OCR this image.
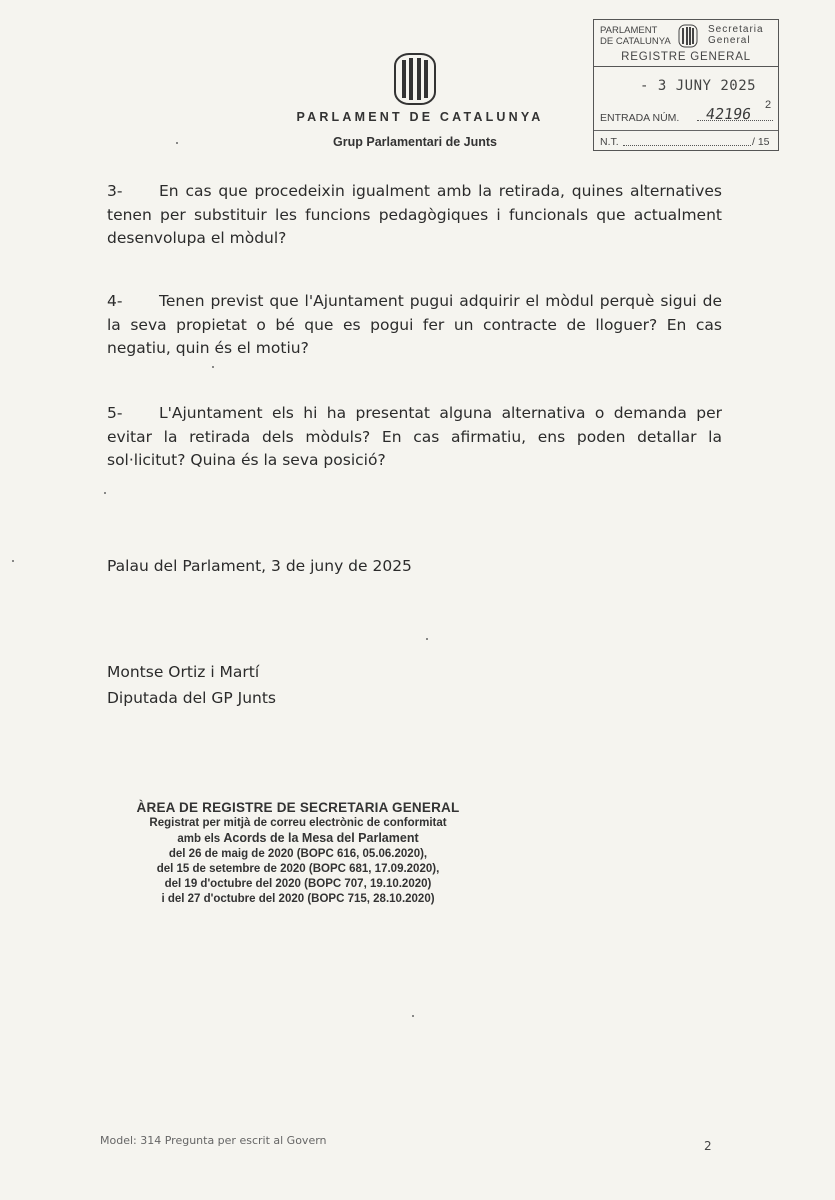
PARLAMENT DE CATALUNYA
Grup Parlamentari de Junts
PARLAMENT
DE CATALUNYA
Secretaria
General
REGISTRE GENERAL
- 3 JUNY 2025
ENTRADA NÚM. 42196 2
N.T.	/ 15
3- En cas que procedeixin igualment amb la retirada, quines alternatives tenen per substituir les funcions pedagògiques i funcionals que actualment desenvolupa el mòdul?
4- Tenen previst que l'Ajuntament pugui adquirir el mòdul perquè sigui de la seva propietat o bé que es pogui fer un contracte de lloguer? En cas negatiu, quin és el motiu?
5- L'Ajuntament els hi ha presentat alguna alternativa o demanda per evitar la retirada dels mòduls? En cas afirmatiu, ens poden detallar la sol·licitut? Quina és la seva posició?
Palau del Parlament, 3 de juny de 2025
Montse Ortiz i Martí
Diputada del GP Junts
ÀREA DE REGISTRE DE SECRETARIA GENERAL
Registrat per mitjà de correu electrònic de conformitat
amb els Acords de la Mesa del Parlament
del 26 de maig de 2020 (BOPC 616, 05.06.2020),
del 15 de setembre de 2020 (BOPC 681, 17.09.2020),
del 19 d'octubre del 2020 (BOPC 707, 19.10.2020)
i del 27 d'octubre del 2020 (BOPC 715, 28.10.2020)
Model: 314 Pregunta per escrit al Govern	2
